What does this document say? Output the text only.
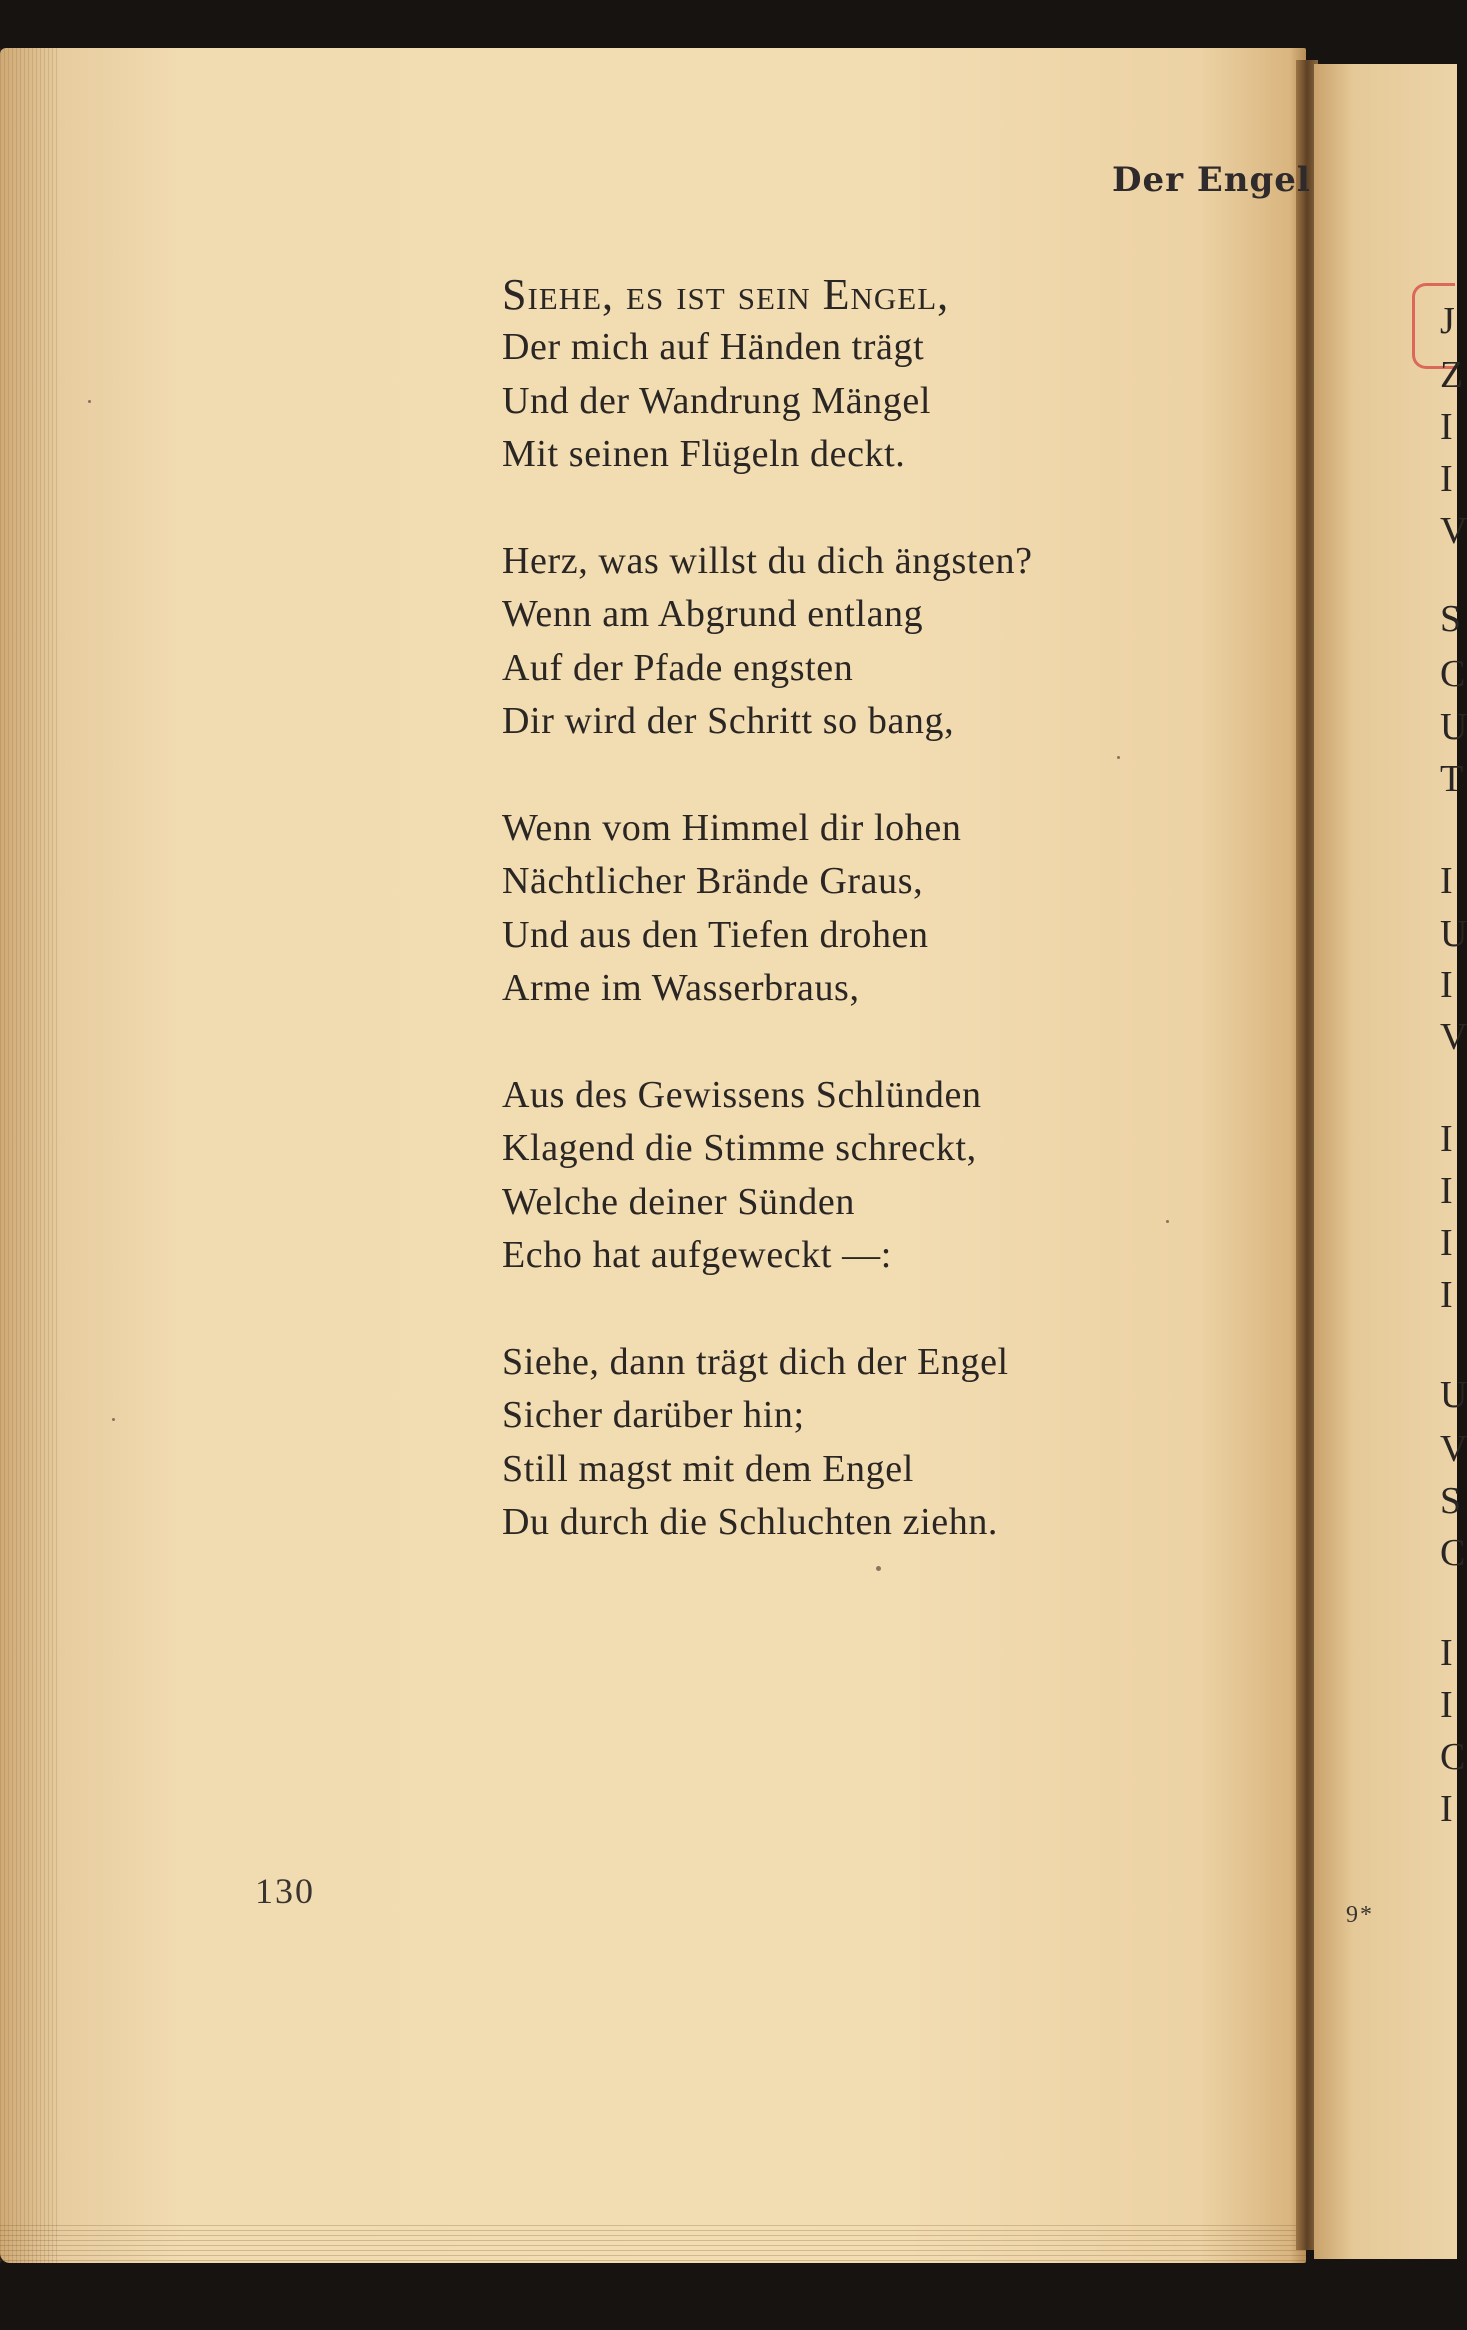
Der Engel
Siehe, es ist sein Engel,
Der mich auf Händen trägt
Und der Wandrung Mängel
Mit seinen Flügeln deckt.
Herz, was willst du dich ängsten?
Wenn am Abgrund entlang
Auf der Pfade engsten
Dir wird der Schritt so bang,
Wenn vom Himmel dir lohen
Nächtlicher Brände Graus,
Und aus den Tiefen drohen
Arme im Wasserbraus,
Aus des Gewissens Schlünden
Klagend die Stimme schreckt,
Welche deiner Sünden
Echo hat aufgeweckt —:
Siehe, dann trägt dich der Engel
Sicher darüber hin;
Still magst mit dem Engel
Du durch die Schluchten ziehn.
130
9*
J
Z
I
I
V
S
C
U
T
I
U
I
V
I
I
I
I
U
V
S
C
I
I
C
I
